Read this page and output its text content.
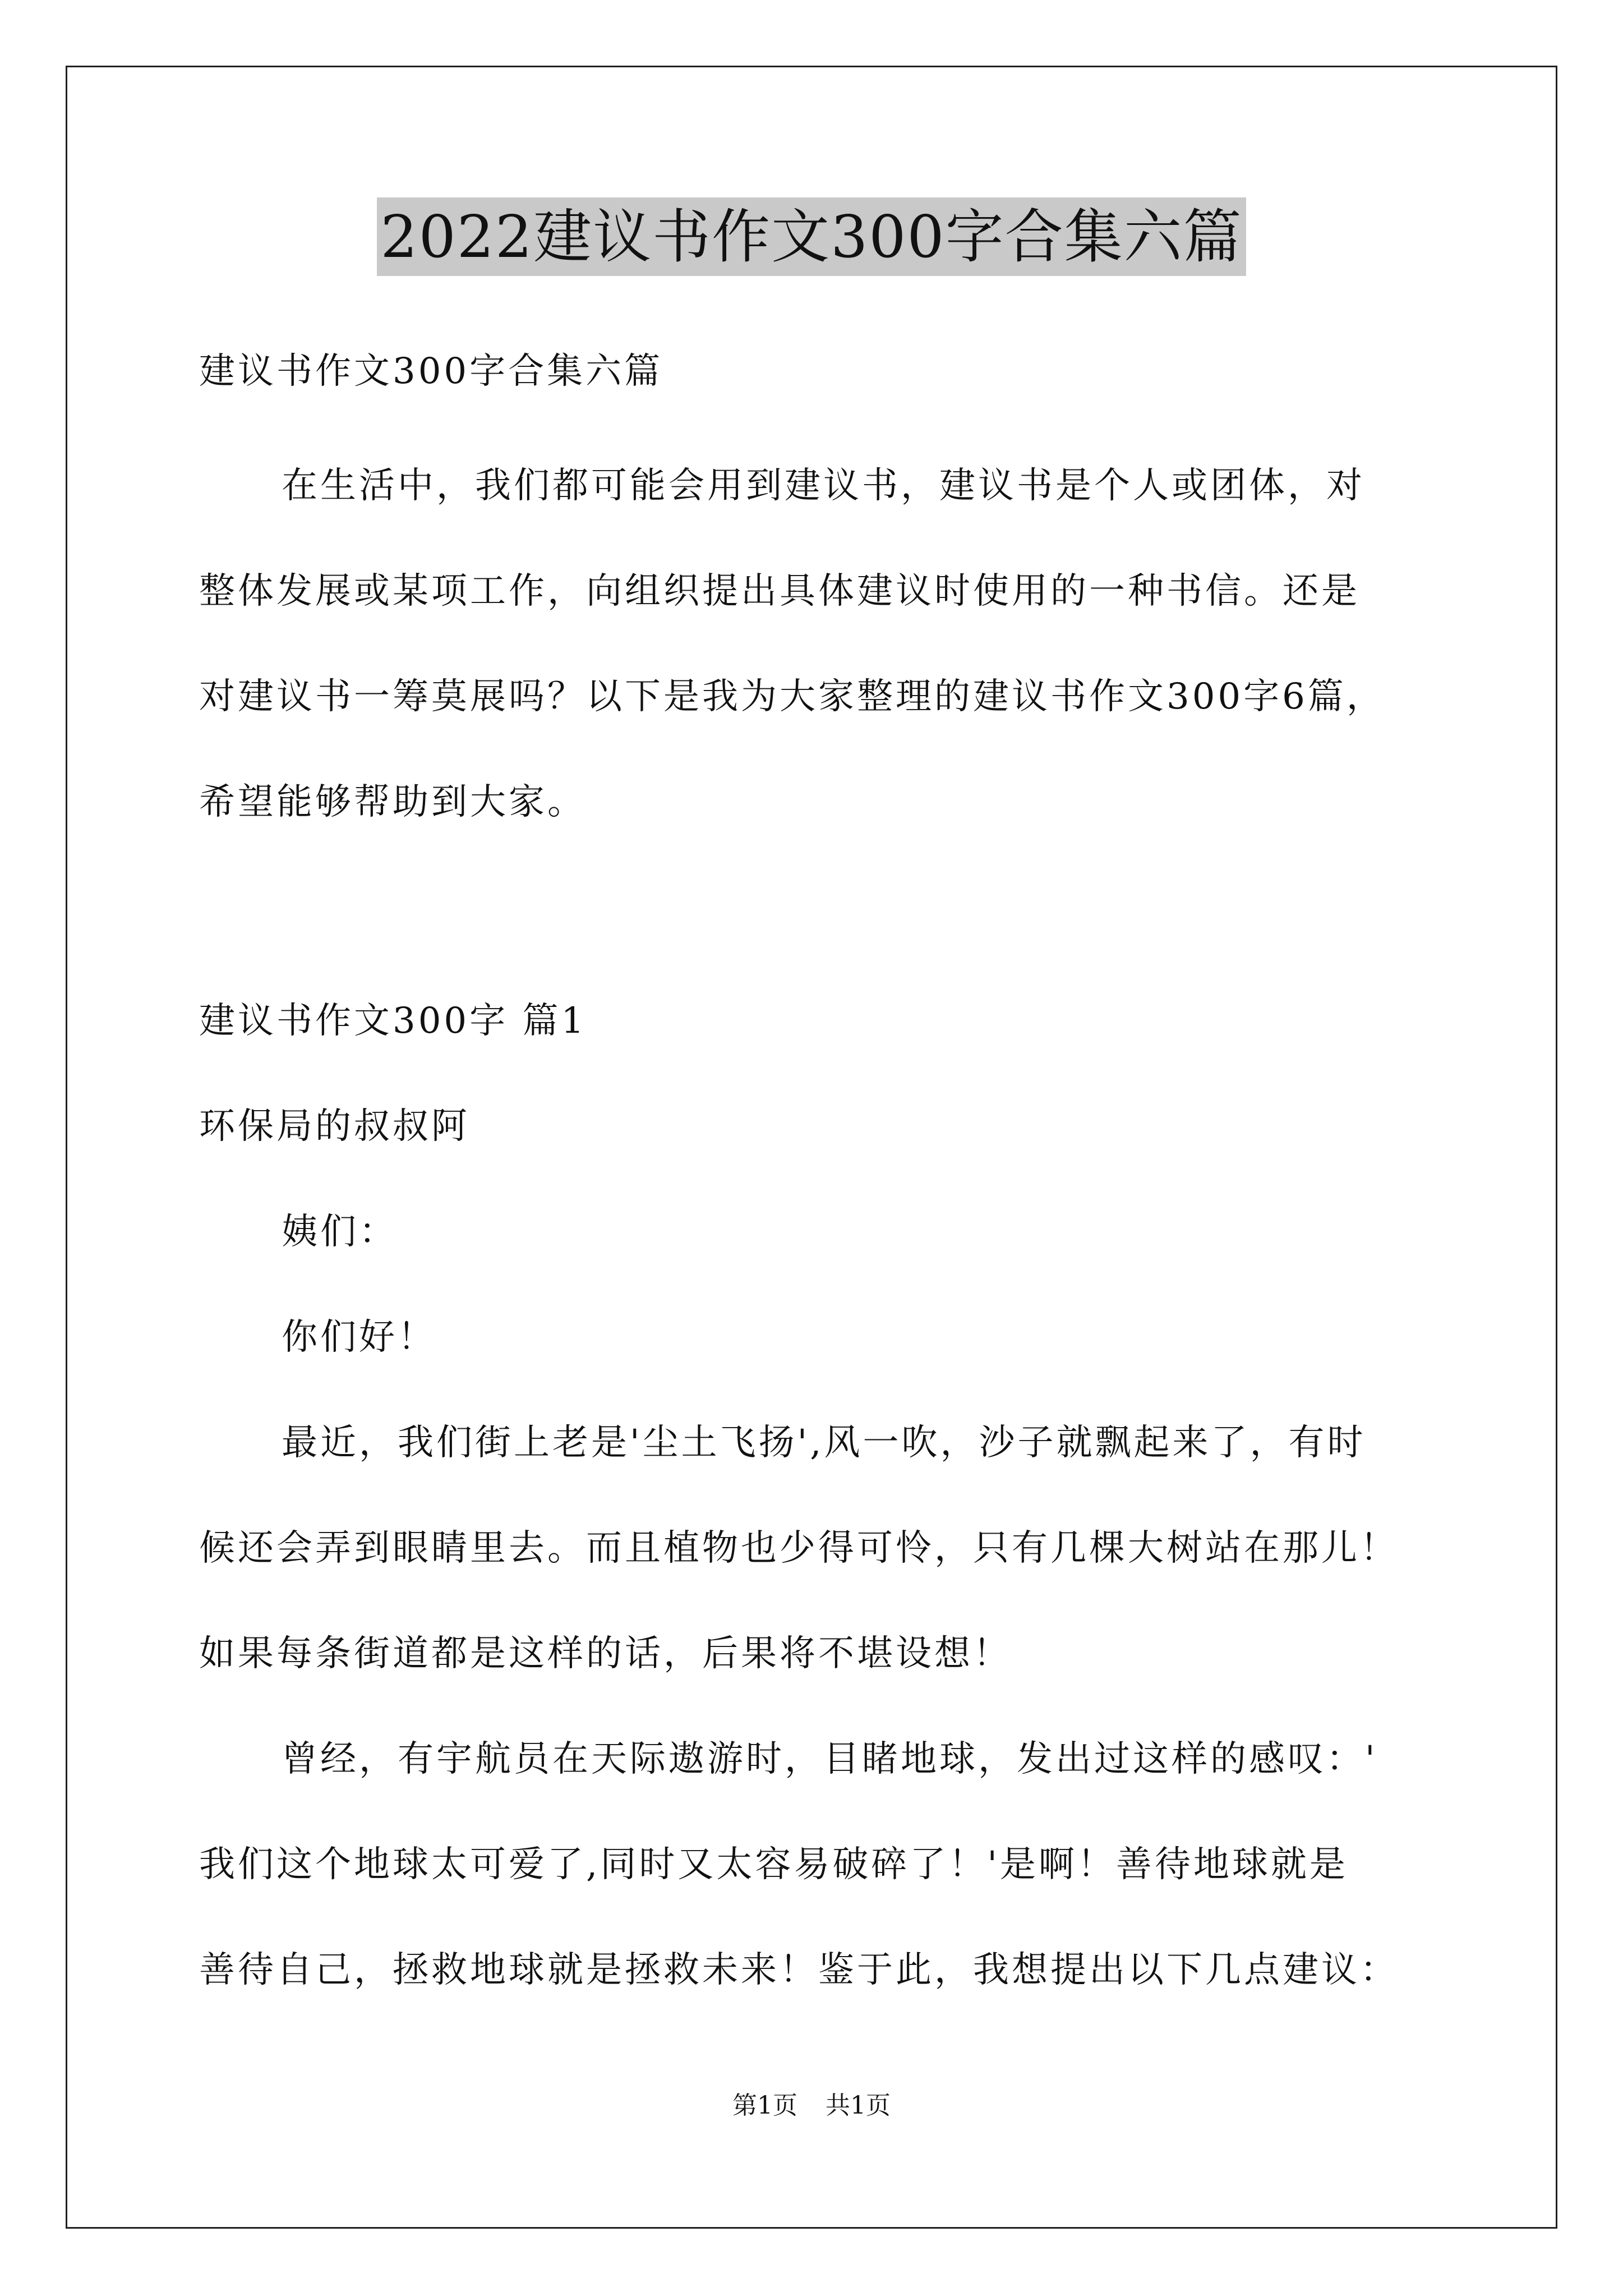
2022建议书作文300字合集六篇
建议书作文300字合集六篇
在生活中，我们都可能会用到建议书，建议书是个人或团体，对
整体发展或某项工作，向组织提出具体建议时使用的一种书信。还是
对建议书一筹莫展吗？以下是我为大家整理的建议书作文300字6篇，
希望能够帮助到大家。
建议书作文300字 篇1
环保局的叔叔阿
姨们：
你们好！
最近，我们街上老是'尘土飞扬',风一吹，沙子就飘起来了，有时
候还会弄到眼睛里去。而且植物也少得可怜，只有几棵大树站在那儿！
如果每条街道都是这样的话，后果将不堪设想！
曾经，有宇航员在天际遨游时，目睹地球，发出过这样的感叹：'
我们这个地球太可爱了,同时又太容易破碎了！'是啊！善待地球就是
善待自己，拯救地球就是拯救未来！鉴于此，我想提出以下几点建议：
第1页 共1页
